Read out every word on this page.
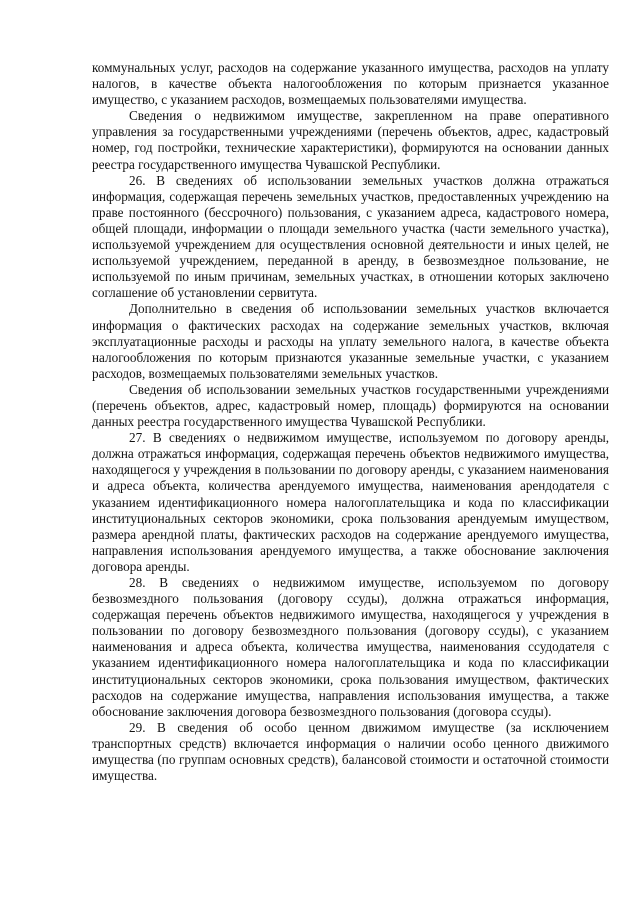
коммунальных услуг, расходов на содержание указанного имущества, расходов на уплату налогов, в качестве объекта налогообложения по которым признается указанное имущество, с указанием расходов, возмещаемых пользователями имущества.

Сведения о недвижимом имуществе, закрепленном на праве оперативного управления за государственными учреждениями (перечень объектов, адрес, кадастровый номер, год постройки, технические характеристики), формируются на основании данных реестра государственного имущества Чувашской Республики.

26. В сведениях об использовании земельных участков должна отражаться информация, содержащая перечень земельных участков, предоставленных учреждению на праве постоянного (бессрочного) пользования, с указанием адреса, кадастрового номера, общей площади, информации о площади земельного участка (части земельного участка), используемой учреждением для осуществления основной деятельности и иных целей, не используемой учреждением, переданной в аренду, в безвозмездное пользование, не используемой по иным причинам, земельных участках, в отношении которых заключено соглашение об установлении сервитута.

Дополнительно в сведения об использовании земельных участков включается информация о фактических расходах на содержание земельных участков, включая эксплуатационные расходы и расходы на уплату земельного налога, в качестве объекта налогообложения по которым признаются указанные земельные участки, с указанием расходов, возмещаемых пользователями земельных участков.

Сведения об использовании земельных участков государственными учреждениями (перечень объектов, адрес, кадастровый номер, площадь) формируются на основании данных реестра государственного имущества Чувашской Республики.

27. В сведениях о недвижимом имуществе, используемом по договору аренды, должна отражаться информация, содержащая перечень объектов недвижимого имущества, находящегося у учреждения в пользовании по договору аренды, с указанием наименования и адреса объекта, количества арендуемого имущества, наименования арендодателя с указанием идентификационного номера налогоплательщика и кода по классификации институциональных секторов экономики, срока пользования арендуемым имуществом, размера арендной платы, фактических расходов на содержание арендуемого имущества, направления использования арендуемого имущества, а также обоснование заключения договора аренды.

28. В сведениях о недвижимом имуществе, используемом по договору безвозмездного пользования (договору ссуды), должна отражаться информация, содержащая перечень объектов недвижимого имущества, находящегося у учреждения в пользовании по договору безвозмездного пользования (договору ссуды), с указанием наименования и адреса объекта, количества имущества, наименования ссудодателя с указанием идентификационного номера налогоплательщика и кода по классификации институциональных секторов экономики, срока пользования имуществом, фактических расходов на содержание имущества, направления использования имущества, а также обоснование заключения договора безвозмездного пользования (договора ссуды).

29. В сведения об особо ценном движимом имуществе (за исключением транспортных средств) включается информация о наличии особо ценного движимого имущества (по группам основных средств), балансовой стоимости и остаточной стоимости имущества.
